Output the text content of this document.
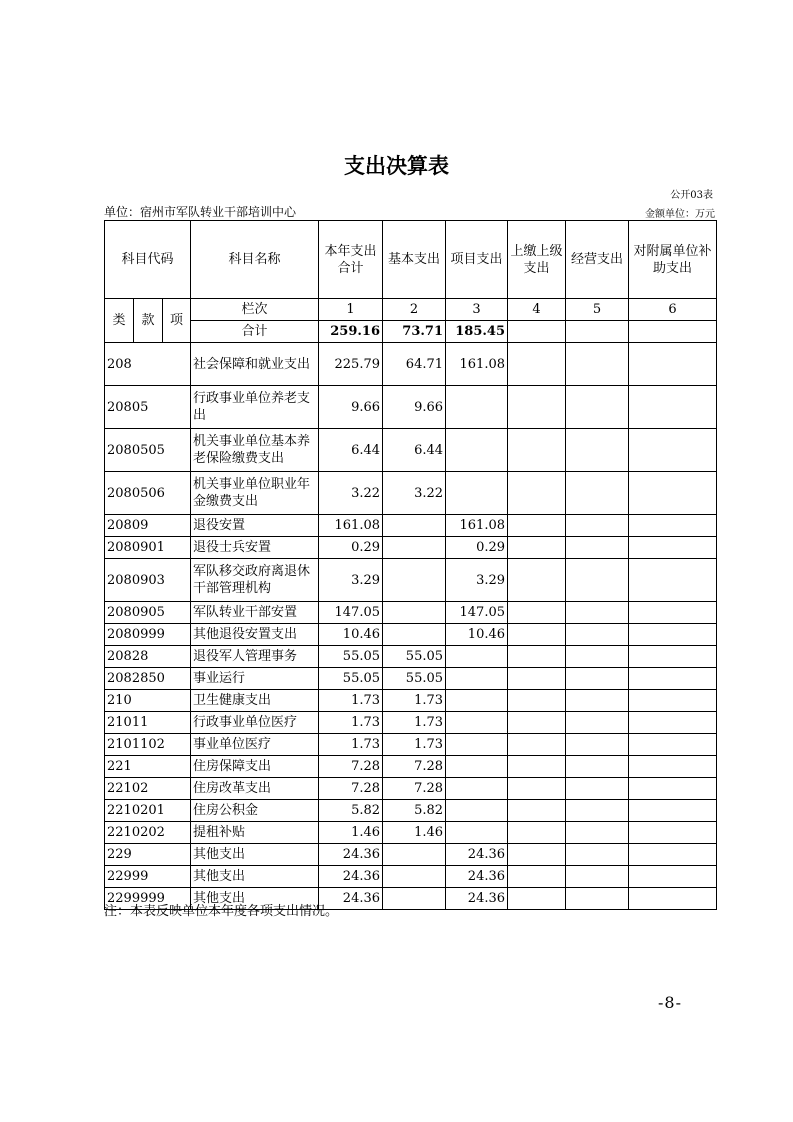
支出决算表
公开03表
单位：宿州市军队转业干部培训中心	金额单位：万元
科目代码			科目名称	本年支出合计	基本支出	项目支出	上缴上级支出	经营支出	对附属单位补助支出
类	款	项	栏次	1	2	3	4	5	6
			合计	259.16	73.71	185.45			
208			社会保障和就业支出	225.79	64.71	161.08			
20805			行政事业单位养老支出	9.66	9.66				
2080505			机关事业单位基本养老保险缴费支出	6.44	6.44				
2080506			机关事业单位职业年金缴费支出	3.22	3.22				
20809			退役安置	161.08		161.08			
2080901			退役士兵安置	0.29		0.29			
2080903			军队移交政府离退休干部管理机构	3.29		3.29			
2080905			军队转业干部安置	147.05		147.05			
2080999			其他退役安置支出	10.46		10.46			
20828			退役军人管理事务	55.05	55.05				
2082850			事业运行	55.05	55.05				
210			卫生健康支出	1.73	1.73				
21011			行政事业单位医疗	1.73	1.73				
2101102			事业单位医疗	1.73	1.73				
221			住房保障支出	7.28	7.28				
22102			住房改革支出	7.28	7.28				
2210201			住房公积金	5.82	5.82				
2210202			提租补贴	1.46	1.46				
229			其他支出	24.36		24.36			
22999			其他支出	24.36		24.36			
2299999			其他支出	24.36		24.36			
注：本表反映单位本年度各项支出情况。
-8-
